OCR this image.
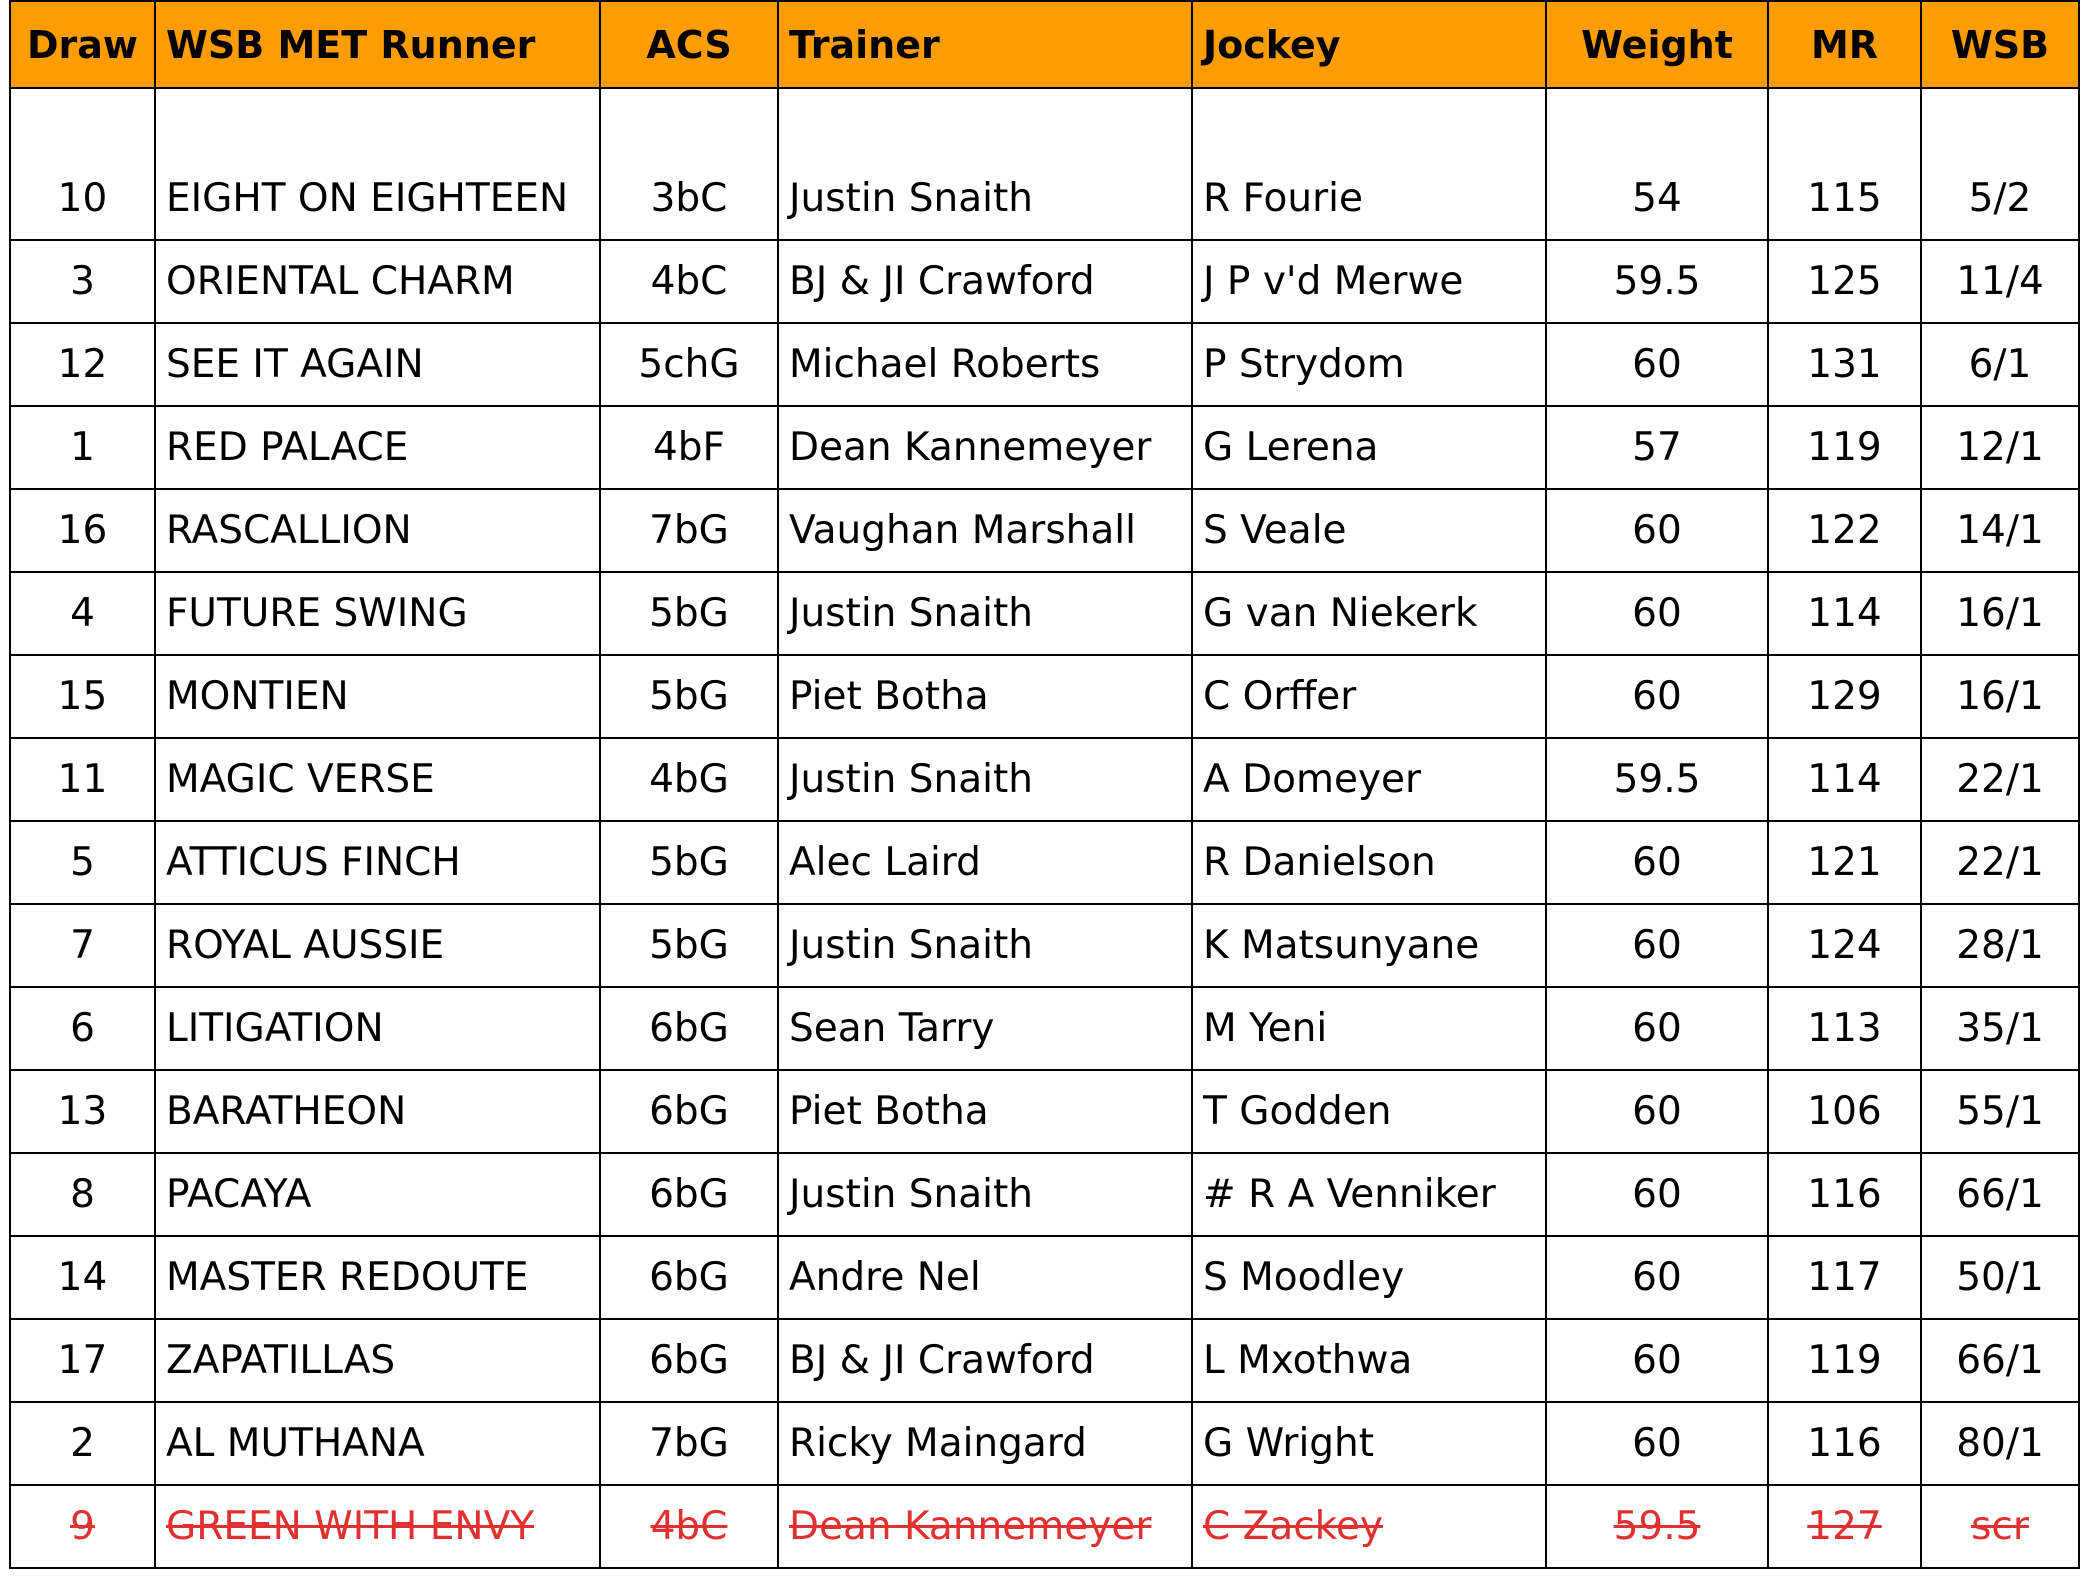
Draw	WSB MET Runner	ACS	Trainer	Jockey	Weight	MR	WSB
10	EIGHT ON EIGHTEEN	3bC	Justin Snaith	R Fourie	54	115	5/2
3	ORIENTAL CHARM	4bC	BJ & JI Crawford	J P v'd Merwe	59.5	125	11/4
12	SEE IT AGAIN	5chG	Michael Roberts	P Strydom	60	131	6/1
1	RED PALACE	4bF	Dean Kannemeyer	G Lerena	57	119	12/1
16	RASCALLION	7bG	Vaughan Marshall	S Veale	60	122	14/1
4	FUTURE SWING	5bG	Justin Snaith	G van Niekerk	60	114	16/1
15	MONTIEN	5bG	Piet Botha	C Orffer	60	129	16/1
11	MAGIC VERSE	4bG	Justin Snaith	A Domeyer	59.5	114	22/1
5	ATTICUS FINCH	5bG	Alec Laird	R Danielson	60	121	22/1
7	ROYAL AUSSIE	5bG	Justin Snaith	K Matsunyane	60	124	28/1
6	LITIGATION	6bG	Sean Tarry	M Yeni	60	113	35/1
13	BARATHEON	6bG	Piet Botha	T Godden	60	106	55/1
8	PACAYA	6bG	Justin Snaith	# R A Venniker	60	116	66/1
14	MASTER REDOUTE	6bG	Andre Nel	S Moodley	60	117	50/1
17	ZAPATILLAS	6bG	BJ & JI Crawford	L Mxothwa	60	119	66/1
2	AL MUTHANA	7bG	Ricky Maingard	G Wright	60	116	80/1
9	GREEN WITH ENVY	4bC	Dean Kannemeyer	C Zackey	59.5	127	scr
